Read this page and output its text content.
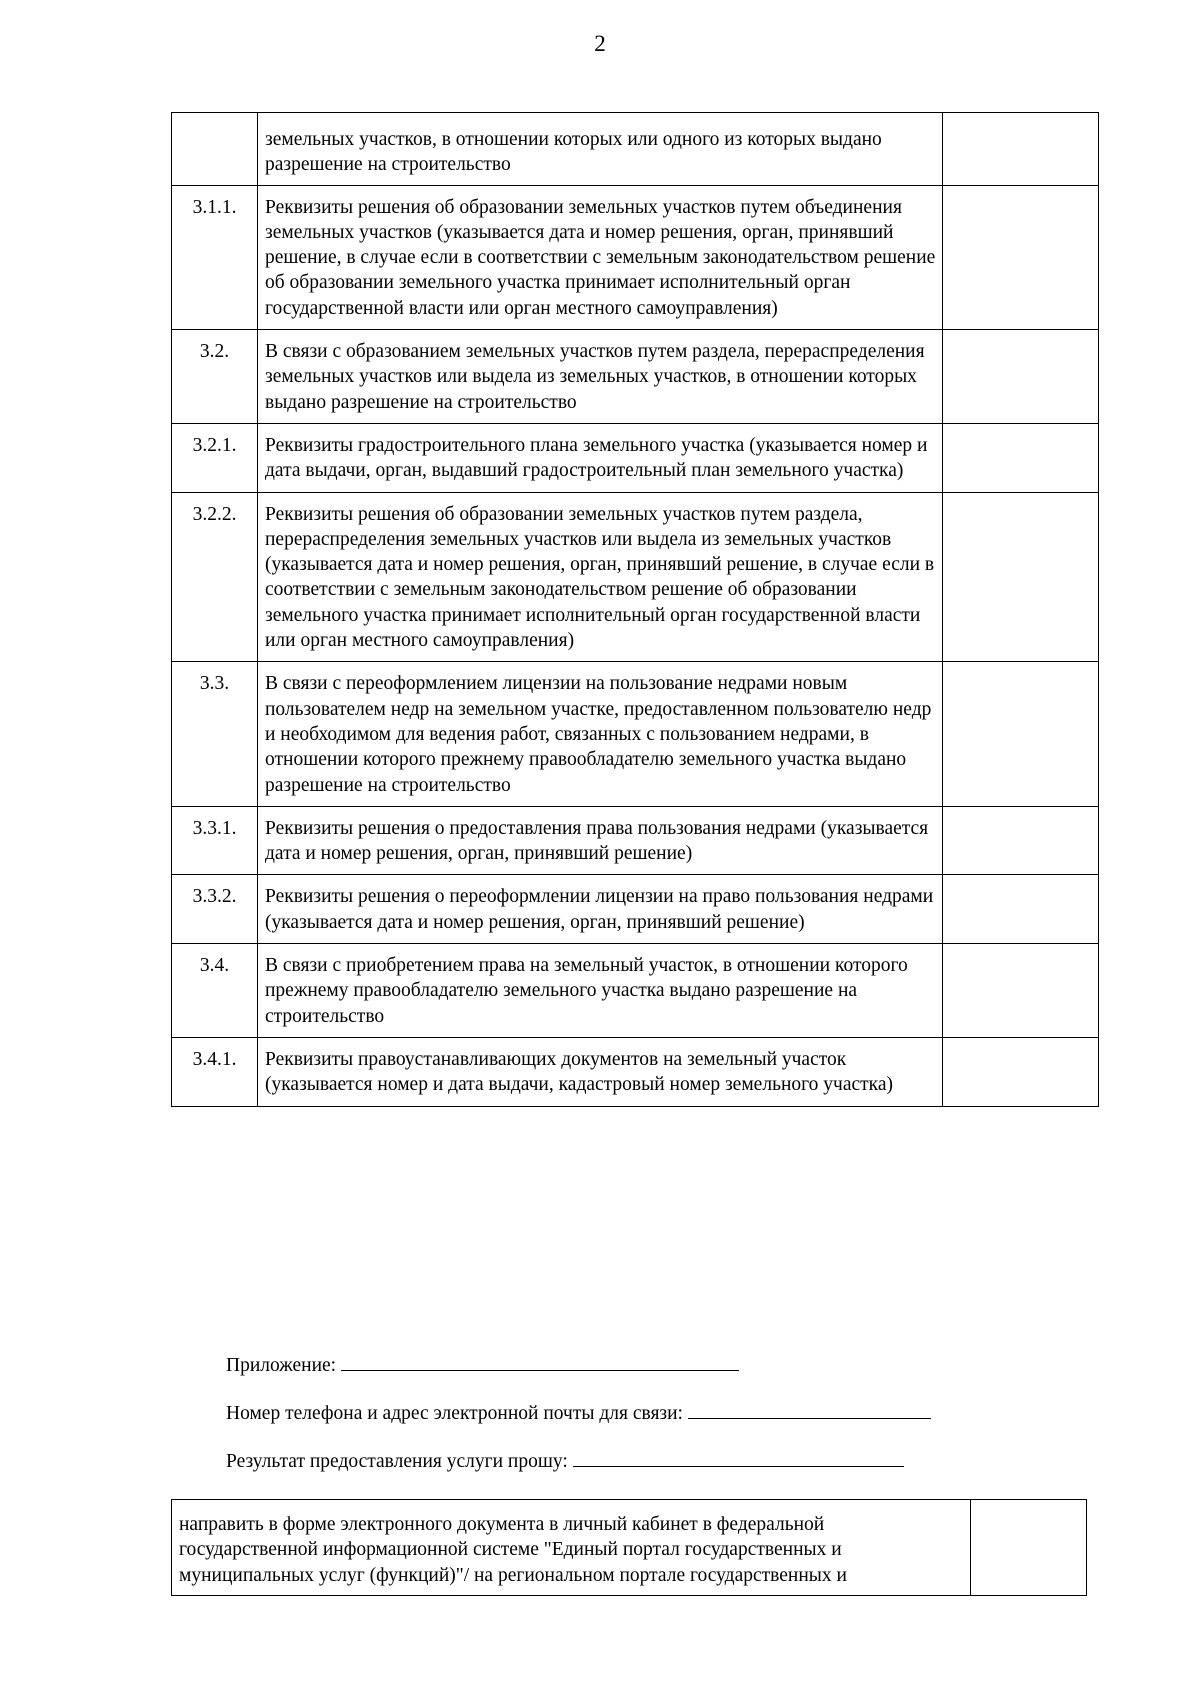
2
	земельных участков, в отношении которых или одного из которых выдано разрешение на строительство	
3.1.1.	Реквизиты решения об образовании земельных участков путем объединения земельных участков (указывается дата и номер решения, орган, принявший решение, в случае если в соответствии с земельным законодательством решение об образовании земельного участка принимает исполнительный орган государственной власти или орган местного самоуправления)	
3.2.	В связи с образованием земельных участков путем раздела, перераспределения земельных участков или выдела из земельных участков, в отношении которых выдано разрешение на строительство	
3.2.1.	Реквизиты градостроительного плана земельного участка (указывается номер и дата выдачи, орган, выдавший градостроительный план земельного участка)	
3.2.2.	Реквизиты решения об образовании земельных участков путем раздела, перераспределения земельных участков или выдела из земельных участков (указывается дата и номер решения, орган, принявший решение, в случае если в соответствии с земельным законодательством решение об образовании земельного участка принимает исполнительный орган государственной власти или орган местного самоуправления)	
3.3.	В связи с переоформлением лицензии на пользование недрами новым пользователем недр на земельном участке, предоставленном пользователю недр и необходимом для ведения работ, связанных с пользованием недрами, в отношении которого прежнему правообладателю земельного участка выдано разрешение на строительство	
3.3.1.	Реквизиты решения о предоставления права пользования недрами (указывается дата и номер решения, орган, принявший решение)	
3.3.2.	Реквизиты решения о переоформлении лицензии на право пользования недрами (указывается дата и номер решения, орган, принявший решение)	
3.4.	В связи с приобретением права на земельный участок, в отношении которого прежнему правообладателю земельного участка выдано разрешение на строительство	
3.4.1.	Реквизиты правоустанавливающих документов на земельный участок (указывается номер и дата выдачи, кадастровый номер земельного участка)	
Приложение:
Номер телефона и адрес электронной почты для связи:
Результат предоставления услуги прошу:
направить в форме электронного документа в личный кабинет в федеральной государственной информационной системе "Единый портал государственных и муниципальных услуг (функций)"/ на региональном портале государственных и	
